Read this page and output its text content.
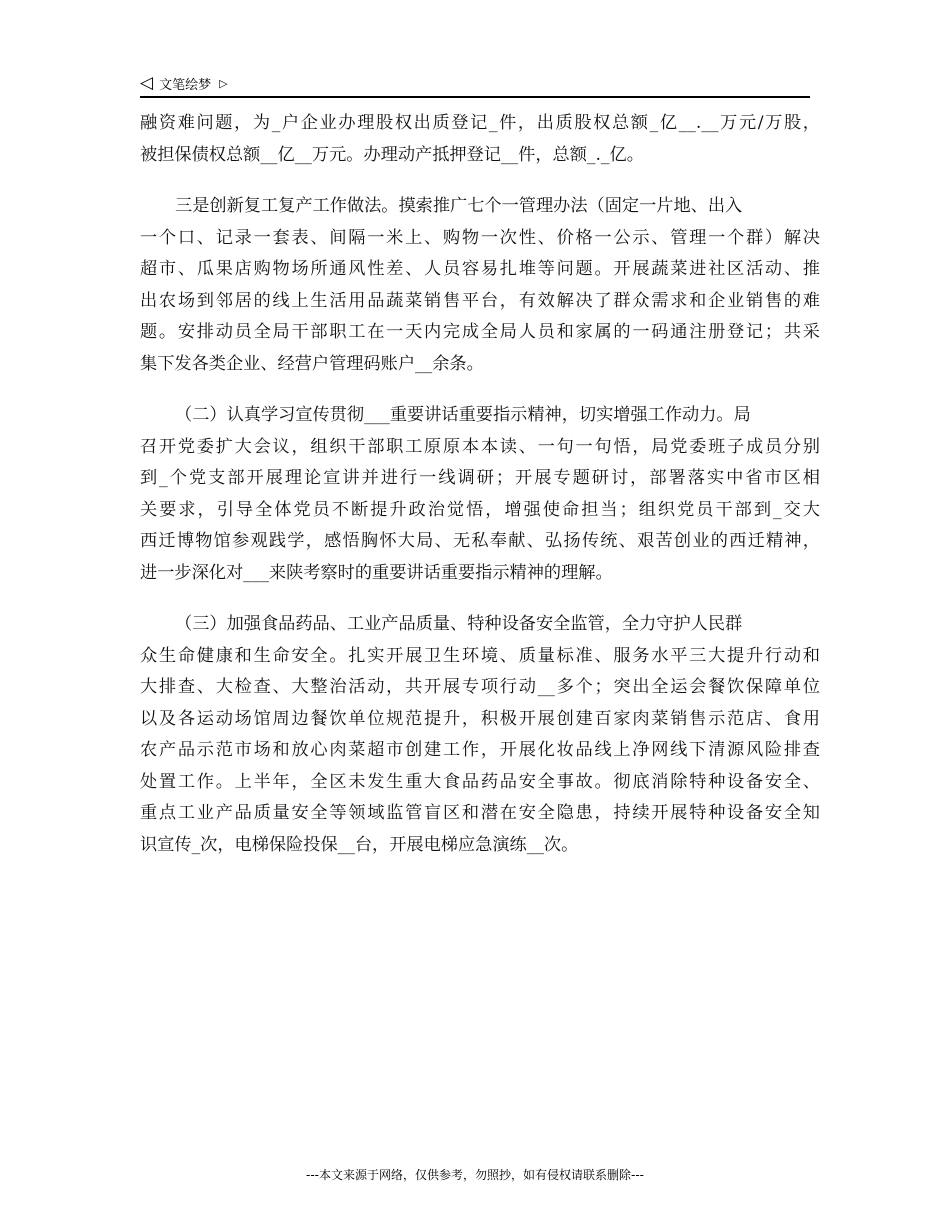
◁ 文笔绘梦 ▷
融资难问题，为_户企业办理股权出质登记_件，出质股权总额_亿__.__万元/万股，
被担保债权总额__亿__万元。办理动产抵押登记__件，总额_._亿。
三是创新复工复产工作做法。摸索推广七个一管理办法（固定一片地、出入
一个口、记录一套表、间隔一米上、购物一次性、价格一公示、管理一个群）解决
超市、瓜果店购物场所通风性差、人员容易扎堆等问题。开展蔬菜进社区活动、推
出农场到邻居的线上生活用品蔬菜销售平台，有效解决了群众需求和企业销售的难
题。安排动员全局干部职工在一天内完成全局人员和家属的一码通注册登记；共采
集下发各类企业、经营户管理码账户__余条。
（二）认真学习宣传贯彻___重要讲话重要指示精神，切实增强工作动力。局
召开党委扩大会议，组织干部职工原原本本读、一句一句悟，局党委班子成员分别
到_个党支部开展理论宣讲并进行一线调研；开展专题研讨，部署落实中省市区相
关要求，引导全体党员不断提升政治觉悟，增强使命担当；组织党员干部到_交大
西迁博物馆参观践学，感悟胸怀大局、无私奉献、弘扬传统、艰苦创业的西迁精神，
进一步深化对___来陕考察时的重要讲话重要指示精神的理解。
（三）加强食品药品、工业产品质量、特种设备安全监管，全力守护人民群
众生命健康和生命安全。扎实开展卫生环境、质量标准、服务水平三大提升行动和
大排查、大检查、大整治活动，共开展专项行动__多个；突出全运会餐饮保障单位
以及各运动场馆周边餐饮单位规范提升，积极开展创建百家肉菜销售示范店、食用
农产品示范市场和放心肉菜超市创建工作，开展化妆品线上净网线下清源风险排查
处置工作。上半年，全区未发生重大食品药品安全事故。彻底消除特种设备安全、
重点工业产品质量安全等领域监管盲区和潜在安全隐患，持续开展特种设备安全知
识宣传_次，电梯保险投保__台，开展电梯应急演练__次。
---本文来源于网络，仅供参考，勿照抄，如有侵权请联系删除---
